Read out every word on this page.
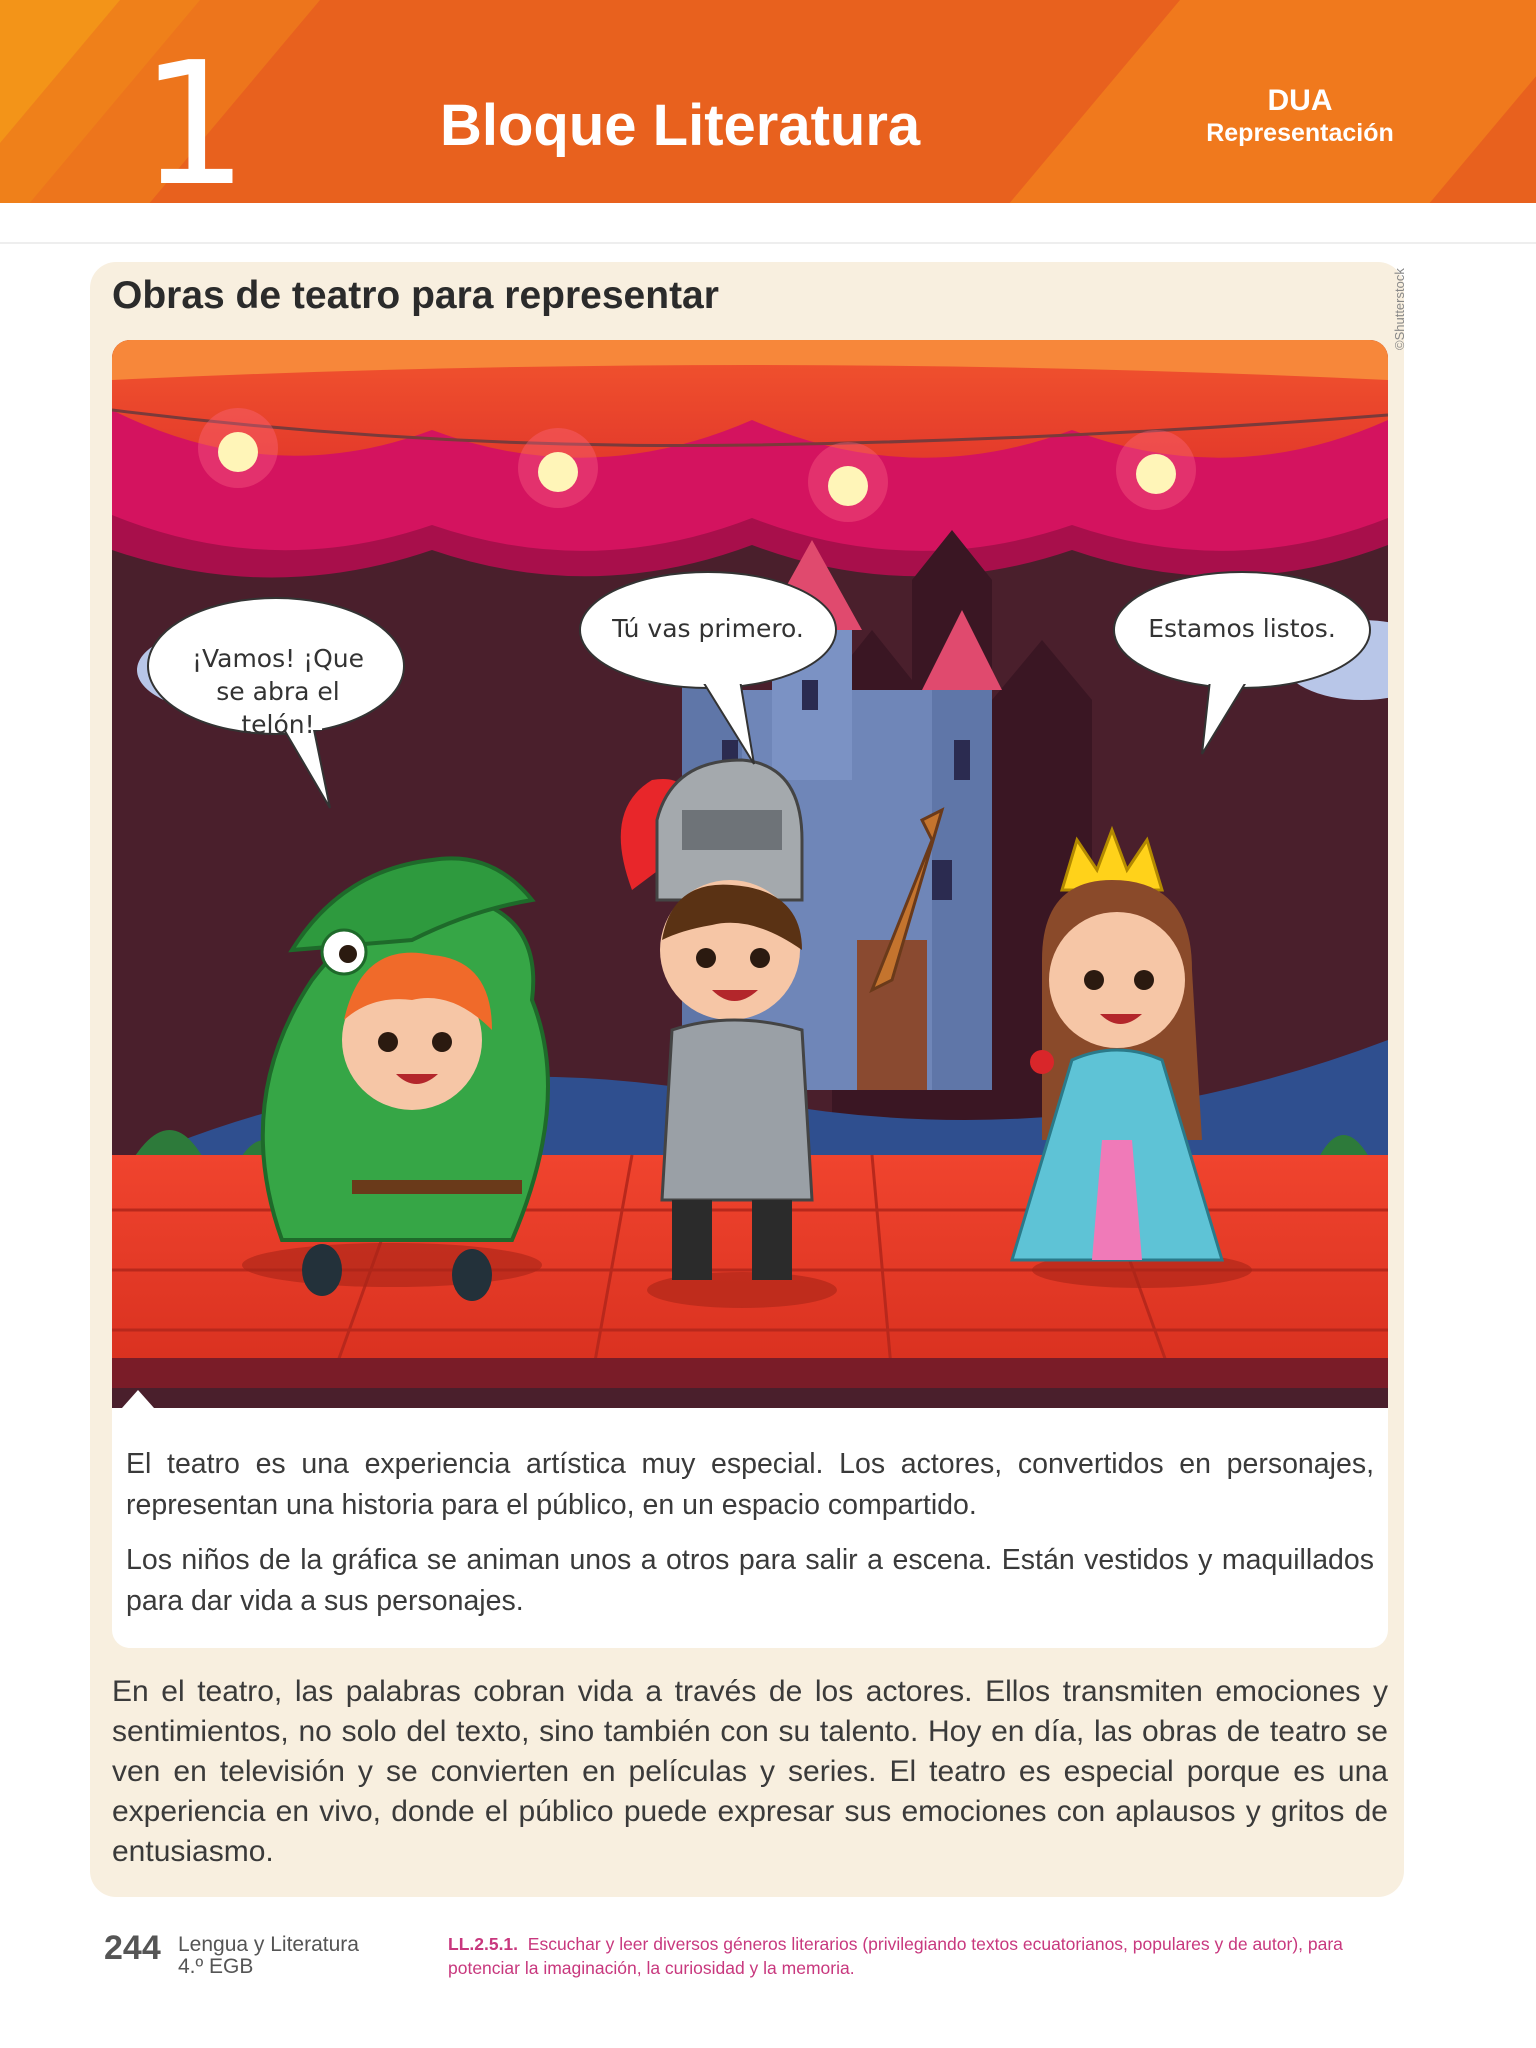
1	Bloque Literatura	DUA
Representación
Obras de teatro para representar	©Shutterstock
¡Vamos! ¡Que se abra el telón!
Tú vas primero.	Estamos listos.

El teatro es una experiencia artística muy especial. Los actores, convertidos en personajes, representan una historia para el público, en un espacio compartido.

Los niños de la gráfica se animan unos a otros para salir a escena. Están vestidos y maquillados para dar vida a sus personajes.

En el teatro, las palabras cobran vida a través de los actores. Ellos transmiten emociones y sentimientos, no solo del texto, sino también con su talento. Hoy en día, las obras de teatro se ven en televisión y se convierten en películas y series. El teatro es especial porque es una experiencia en vivo, donde el público puede expresar sus emociones con aplausos y gritos de entusiasmo.

244 Lengua y Literatura
4.º EGB

LL.2.5.1. Escuchar y leer diversos géneros literarios (privilegiando textos ecuatorianos, populares y de autor), para potenciar la imaginación, la curiosidad y la memoria.
